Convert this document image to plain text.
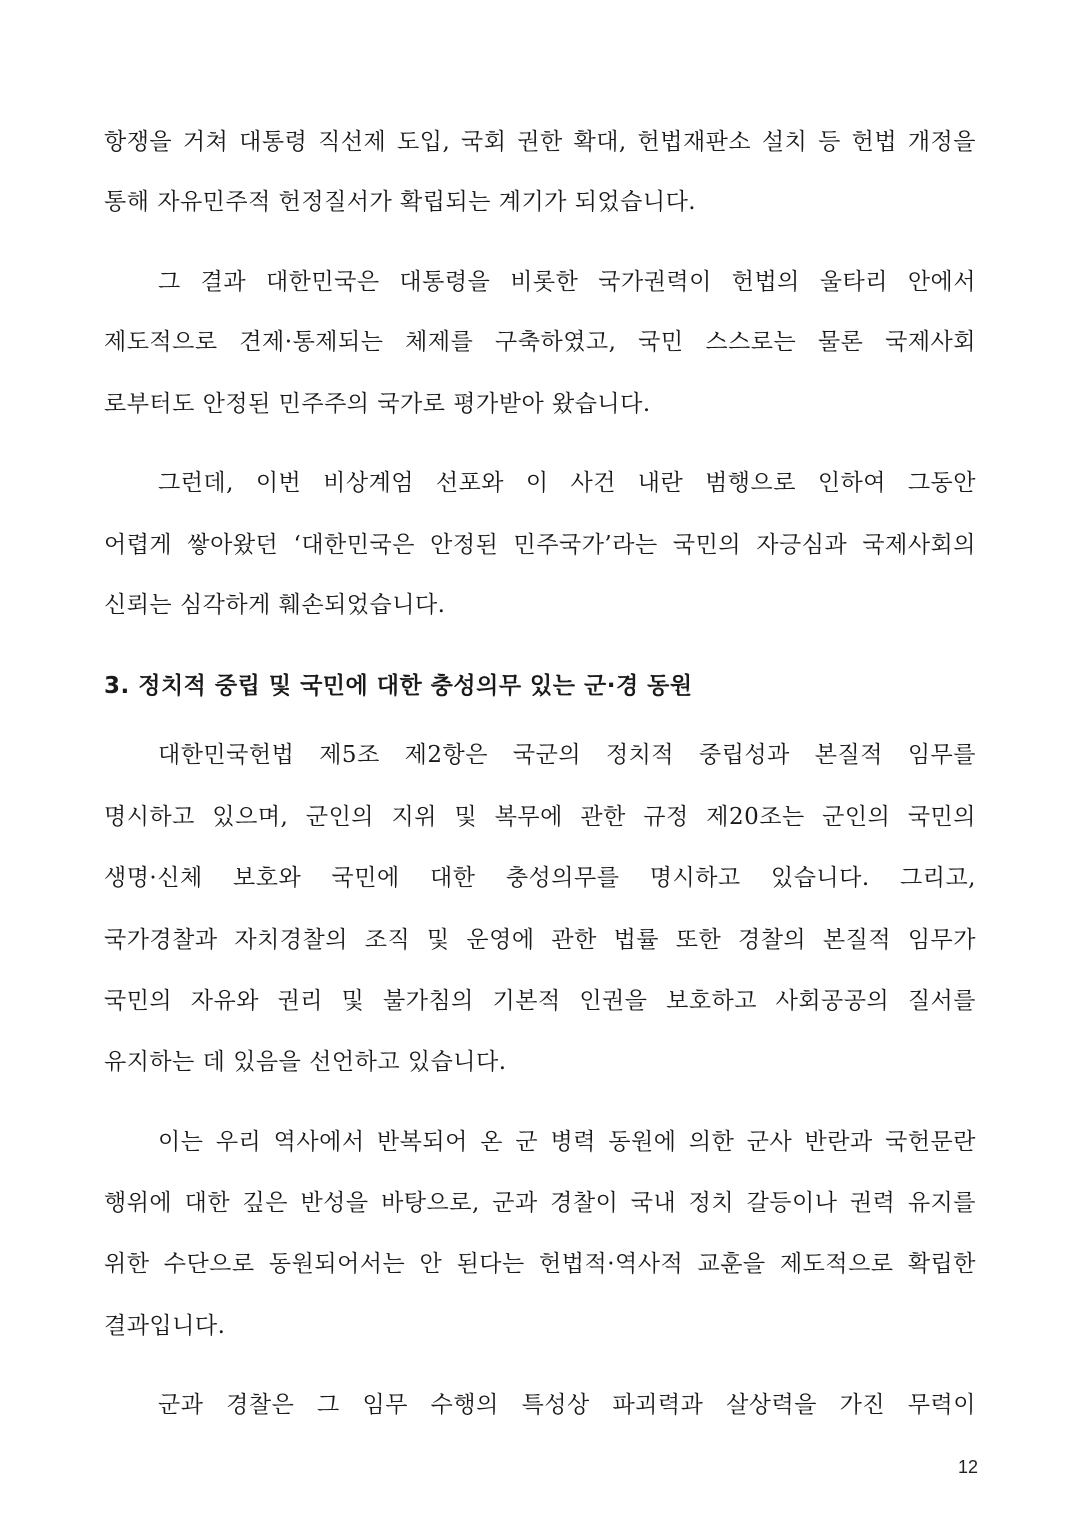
항쟁을 거쳐 대통령 직선제 도입, 국회 권한 확대, 헌법재판소 설치 등 헌법 개정을
통해 자유민주적 헌정질서가 확립되는 계기가 되었습니다.
그 결과 대한민국은 대통령을 비롯한 국가권력이 헌법의 울타리 안에서
제도적으로 견제·통제되는 체제를 구축하였고, 국민 스스로는 물론 국제사회
로부터도 안정된 민주주의 국가로 평가받아 왔습니다.
그런데, 이번 비상계엄 선포와 이 사건 내란 범행으로 인하여 그동안
어렵게 쌓아왔던 ‘대한민국은 안정된 민주국가’라는 국민의 자긍심과 국제사회의
신뢰는 심각하게 훼손되었습니다.
3. 정치적 중립 및 국민에 대한 충성의무 있는 군·경 동원
대한민국헌법 제5조 제2항은 국군의 정치적 중립성과 본질적 임무를
명시하고 있으며, 군인의 지위 및 복무에 관한 규정 제20조는 군인의 국민의
생명·신체 보호와 국민에 대한 충성의무를 명시하고 있습니다. 그리고,
국가경찰과 자치경찰의 조직 및 운영에 관한 법률 또한 경찰의 본질적 임무가
국민의 자유와 권리 및 불가침의 기본적 인권을 보호하고 사회공공의 질서를
유지하는 데 있음을 선언하고 있습니다.
이는 우리 역사에서 반복되어 온 군 병력 동원에 의한 군사 반란과 국헌문란
행위에 대한 깊은 반성을 바탕으로, 군과 경찰이 국내 정치 갈등이나 권력 유지를
위한 수단으로 동원되어서는 안 된다는 헌법적·역사적 교훈을 제도적으로 확립한
결과입니다.
군과 경찰은 그 임무 수행의 특성상 파괴력과 살상력을 가진 무력이
12
